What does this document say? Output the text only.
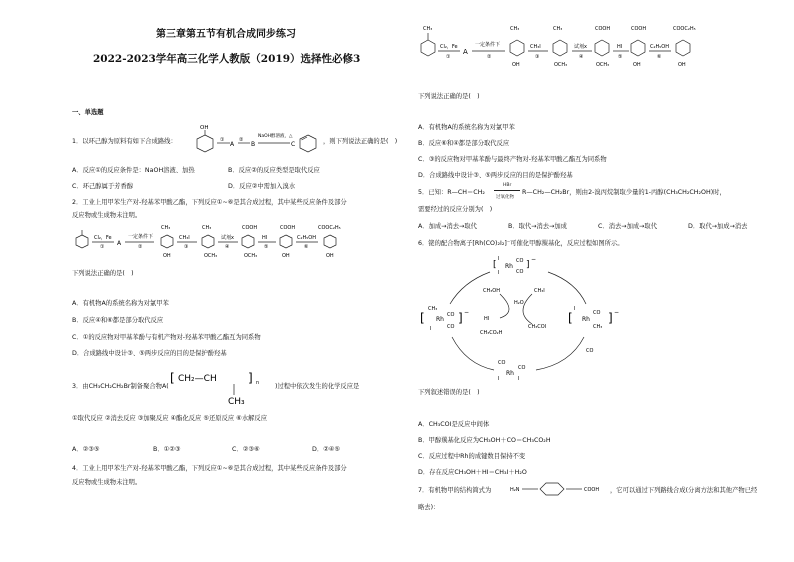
第三章第五节有机合成同步练习
2022-2023学年高三化学人教版（2019）选择性必修3
一、单选题
1．以环己醇为原料有如下合成路线：
OH
①
A
②
B
NaOH醇溶液，△
C	，则下列说法正确的是(　)
A．反应①的反应条件是：NaOH溶液、加热	B．反应②的反应类型是取代反应
C．环己醇属于芳香醇	D．反应②中需加入溴水
2．工业上用甲苯生产对-羟基苯甲酸乙酯，下列反应①~⑥是其合成过程，其中某些反应条件及部分
反应物或生成物未注明。
Cl₂，Fe
① A
一定条件下
②
CH₃
OH
CH₃I
③
CH₃
OCH₃
试剂x
④
COOH
OCH₃
HI
⑤
COOH
OH
C₂H₅OH
⑥
COOC₂H₅
OH
下列说法正确的是(　)
A．有机物A的系统名称为对氯甲苯
B．反应④和⑥都是部分取代反应
C．①的反应物对甲基苯酚与有机产物对-羟基苯甲酸乙酯互为同系物
D．合成路线中设计③、⑤两步反应的目的是保护酚羟基
3．由CH₃CH₂CH₂Br制备聚合物A(
[ CH₂—CH	] n
CH₃
)过程中依次发生的化学反应是
①取代反应 ②消去反应 ③加聚反应 ④酯化反应 ⑤还原反应 ⑥水解反应
A．②③⑤	B．①②③	C．②③⑥	D．②④⑤
4．工业上用甲苯生产对-羟基苯甲酸乙酯，下列反应①~⑥是其合成过程，其中某些反应条件及部分
反应物或生成物未注明。
CH₃
Cl₂，Fe
①
A
一定条件下
②
CH₃
OH
CH₃I
③
CH₃
OCH₃
试剂x
④
COOH
OCH₃
HI
⑤
COOH
OH
C₂H₅OH
⑥
COOC₂H₅
OH
下列说法正确的是(　)
A．有机物A的系统名称为对氯甲苯
B．反应⑥和④都是部分取代反应
C．③的反应物对甲基苯酚与最终产物对-羟基苯甲酸乙酯互为同系物
D．合成路线中设计③、⑤两步反应的目的是保护酚羟基
5．已知：R—CH＝CH₂
HBr
过氧化物
R—CH₂—CH₂Br，则由2-溴丙烷制取少量的1-丙醇(CH₃CH₂CH₂OH)时，
需要经过的反应分别为(　)
A．加成→消去→取代	B．取代→消去→加成	C．消去→加成→取代	D．取代→加成→消去
6．铑的配合物离子[Rh(CO)₂I₂]⁻可催化甲醇羰基化，反应过程如图所示。
[ Rh
I	CO
CO
I
]
−
[ Rh
CH₃
I
CO
CO
] −	[ Rh
I
CO
CH₃
] −
CO
Rh
CO
I
I
CH₃OH	CH₃I
H₂O
HI
CH₃CO₂H
CH₃COI
CO
下列叙述错误的是(　)
A．CH₃COI是反应中间体
B．甲醇羰基化反应为CH₃OH＋CO＝CH₃CO₂H
C．反应过程中Rh的成键数目保持不变
D．存在反应CH₃OH＋HI＝CH₃I＋H₂O
7．有机物甲的结构简式为	H₂N	COOH ，它可以通过下列路线合成(分离方法和其他产物已经
略去)：
